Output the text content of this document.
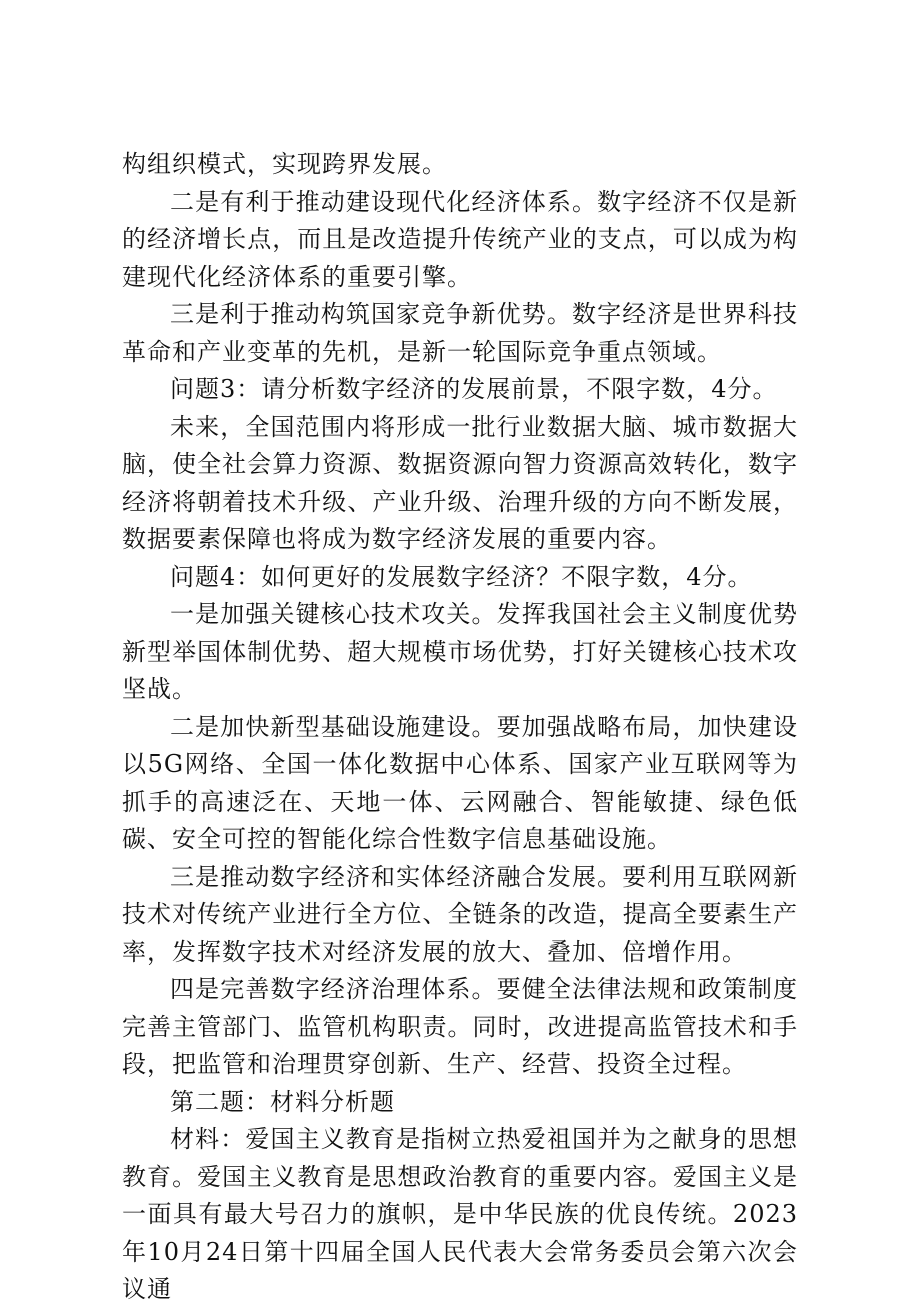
构组织模式，实现跨界发展。

二是有利于推动建设现代化经济体系。数字经济不仅是新的经济增长点，而且是改造提升传统产业的支点，可以成为构建现代化经济体系的重要引擎。

三是利于推动构筑国家竞争新优势。数字经济是世界科技革命和产业变革的先机，是新一轮国际竞争重点领域。

问题3：请分析数字经济的发展前景，不限字数，4分。

未来，全国范围内将形成一批行业数据大脑、城市数据大脑，使全社会算力资源、数据资源向智力资源高效转化，数字经济将朝着技术升级、产业升级、治理升级的方向不断发展，数据要素保障也将成为数字经济发展的重要内容。

问题4：如何更好的发展数字经济？不限字数，4分。

一是加强关键核心技术攻关。发挥我国社会主义制度优势新型举国体制优势、超大规模市场优势，打好关键核心技术攻坚战。

二是加快新型基础设施建设。要加强战略布局，加快建设以5G网络、全国一体化数据中心体系、国家产业互联网等为抓手的高速泛在、天地一体、云网融合、智能敏捷、绿色低碳、安全可控的智能化综合性数字信息基础设施。

三是推动数字经济和实体经济融合发展。要利用互联网新技术对传统产业进行全方位、全链条的改造，提高全要素生产率，发挥数字技术对经济发展的放大、叠加、倍增作用。

四是完善数字经济治理体系。要健全法律法规和政策制度完善主管部门、监管机构职责。同时，改进提高监管技术和手段，把监管和治理贯穿创新、生产、经营、投资全过程。

第二题：材料分析题

材料：爱国主义教育是指树立热爱祖国并为之献身的思想教育。爱国主义教育是思想政治教育的重要内容。爱国主义是一面具有最大号召力的旗帜，是中华民族的优良传统。2023年10月24日第十四届全国人民代表大会常务委员会第六次会议通
